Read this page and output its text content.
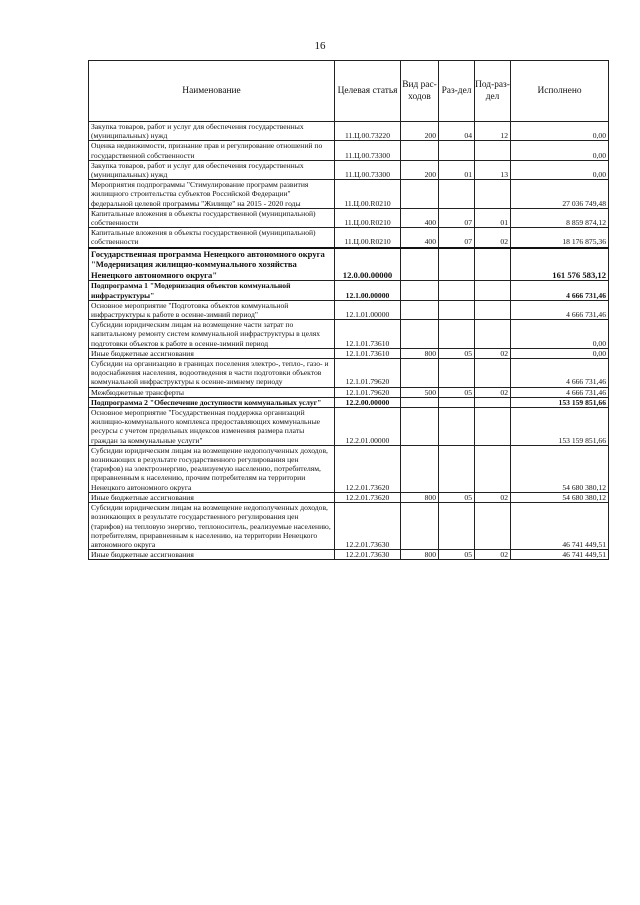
16
Наименование	Целевая статья	Вид рас-ходов	Раз-дел	Под-раз-дел	Исполнено
Закупка товаров, работ и услуг для обеспечения государственных (муниципальных) нужд	11.Ц.00.73220	200	04	12	0,00
Оценка недвижимости, признание прав и регулирование отношений по государственной собственности	11.Ц.00.73300				0,00
Закупка товаров, работ и услуг для обеспечения государственных (муниципальных) нужд	11.Ц.00.73300	200	01	13	0,00
Мероприятия подпрограммы "Стимулирование программ развития жилищного строительства субъектов Российской Федерации" федеральной целевой программы "Жилище" на 2015 - 2020 годы	11.Ц.00.R0210				27 036 749,48
Капитальные вложения в объекты государственной (муниципальной) собственности	11.Ц.00.R0210	400	07	01	8 859 874,12
Капитальные вложения в объекты государственной (муниципальной) собственности	11.Ц.00.R0210	400	07	02	18 176 875,36
Государственная программа Ненецкого автономного округа "Модернизация жилищно-коммунального хозяйства Ненецкого автономного округа"	12.0.00.00000				161 576 583,12
Подпрограмма 1 "Модернизация объектов коммунальной инфраструктуры"	12.1.00.00000				4 666 731,46
Основное мероприятие "Подготовка объектов коммунальной инфраструктуры к работе в осенне-зимний период"	12.1.01.00000				4 666 731,46
Субсидии юридическим лицам на возмещение части затрат по капитальному ремонту систем коммунальной инфраструктуры в целях подготовки объектов к работе в осенне-зимний период	12.1.01.73610				0,00
Иные бюджетные ассигнования	12.1.01.73610	800	05	02	0,00
Субсидии на организацию в границах поселения электро-, тепло-, газо- и водоснабжения населения, водоотведения в части подготовки объектов коммунальной инфраструктуры к осенне-зимнему периоду	12.1.01.79620				4 666 731,46
Межбюджетные трансферты	12.1.01.79620	500	05	02	4 666 731,46
Подпрограмма 2 "Обеспечение доступности коммунальных услуг"	12.2.00.00000				153 159 851,66
Основное мероприятие "Государственная поддержка организаций жилищно-коммунального комплекса предоставляющих коммунальные ресурсы с учетом предельных индексов изменения размера платы граждан за коммунальные услуги"	12.2.01.00000				153 159 851,66
Субсидии юридическим лицам на возмещение недополученных доходов, возникающих в результате государственного регулирования цен (тарифов) на электроэнергию, реализуемую населению, потребителям, приравненным к населению, прочим потребителям на территории Ненецкого автономного округа	12.2.01.73620				54 680 380,12
Иные бюджетные ассигнования	12.2.01.73620	800	05	02	54 680 380,12
Субсидии юридическим лицам на возмещение недополученных доходов, возникающих в результате государственного регулирования цен (тарифов) на тепловую энергию, теплоноситель, реализуемые населению, потребителям, приравненным к населению, на территории Ненецкого автономного округа	12.2.01.73630				46 741 449,51
Иные бюджетные ассигнования	12.2.01.73630	800	05	02	46 741 449,51
